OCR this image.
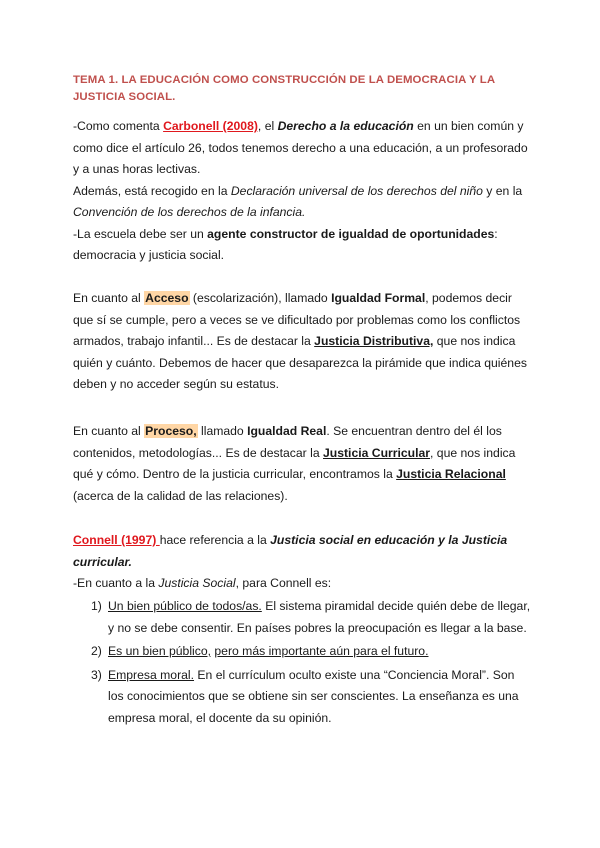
TEMA 1. LA EDUCACIÓN COMO CONSTRUCCIÓN DE LA DEMOCRACIA Y LA JUSTICIA SOCIAL.

-Como comenta Carbonell (2008), el Derecho a la educación en un bien común y como dice el artículo 26, todos tenemos derecho a una educación, a un profesorado y a unas horas lectivas.

Además, está recogido en la Declaración universal de los derechos del niño y en la Convención de los derechos de la infancia.

-La escuela debe ser un agente constructor de igualdad de oportunidades: democracia y justicia social.

En cuanto al Acceso (escolarización), llamado Igualdad Formal, podemos decir que sí se cumple, pero a veces se ve dificultado por problemas como los conflictos armados, trabajo infantil... Es de destacar la Justicia Distributiva, que nos indica quién y cuánto. Debemos de hacer que desaparezca la pirámide que indica quiénes deben y no acceder según su estatus.

En cuanto al Proceso, llamado Igualdad Real. Se encuentran dentro del él los contenidos, metodologías... Es de destacar la Justicia Curricular, que nos indica qué y cómo. Dentro de la justicia curricular, encontramos la Justicia Relacional (acerca de la calidad de las relaciones).

Connell (1997) hace referencia a la Justicia social en educación y la Justicia curricular.

-En cuanto a la Justicia Social, para Connell es:

1) Un bien público de todos/as. El sistema piramidal decide quién debe de llegar, y no se debe consentir. En países pobres la preocupación es llegar a la base.
2) Es un bien público, pero más importante aún para el futuro.
3) Empresa moral. En el currículum oculto existe una “Conciencia Moral”. Son los conocimientos que se obtiene sin ser conscientes. La enseñanza es una empresa moral, el docente da su opinión.
